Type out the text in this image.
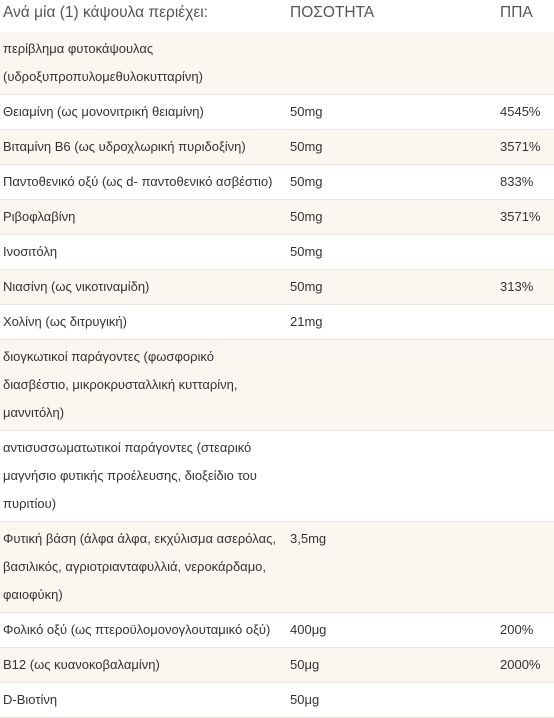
Ανά μία (1) κάψουλα περιέχει:	ΠΟΣΟΤΗΤΑ	ΠΠΑ
περίβλημα φυτοκάψουλας (υδροξυπροπυλομεθυλοκυτταρίνη)		
Θειαμίνη (ως μονονιτρική θειαμίνη)	50mg	4545%
Βιταμίνη Β6 (ως υδροχλωρική πυριδοξίνη)	50mg	3571%
Παντοθενικό οξύ (ως d- παντοθενικό ασβέστιο)	50mg	833%
Ριβοφλαβίνη	50mg	3571%
Ινοσιτόλη	50mg	
Νιασίνη (ως νικοτιναμίδη)	50mg	313%
Χολίνη (ως διτρυγική)	21mg	
διογκωτικοί παράγοντες (φωσφορικό διασβέστιο, μικροκρυσταλλική κυτταρίνη, μαννιτόλη)		
αντισυσσωματωτικοί παράγοντες (στεαρικό μαγνήσιο φυτικής προέλευσης, διοξείδιο του πυριτίου)		
Φυτική βάση (άλφα άλφα, εκχύλισμα ασερόλας, βασιλικός, αγριοτριανταφυλλιά, νεροκάρδαμο, φαιοφύκη)	3,5mg	
Φολικό οξύ (ως πτεροϋλομονογλουταμικό οξύ)	400μg	200%
Β12 (ως κυανοκοβαλαμίνη)	50μg	2000%
D-Βιοτίνη	50μg	
